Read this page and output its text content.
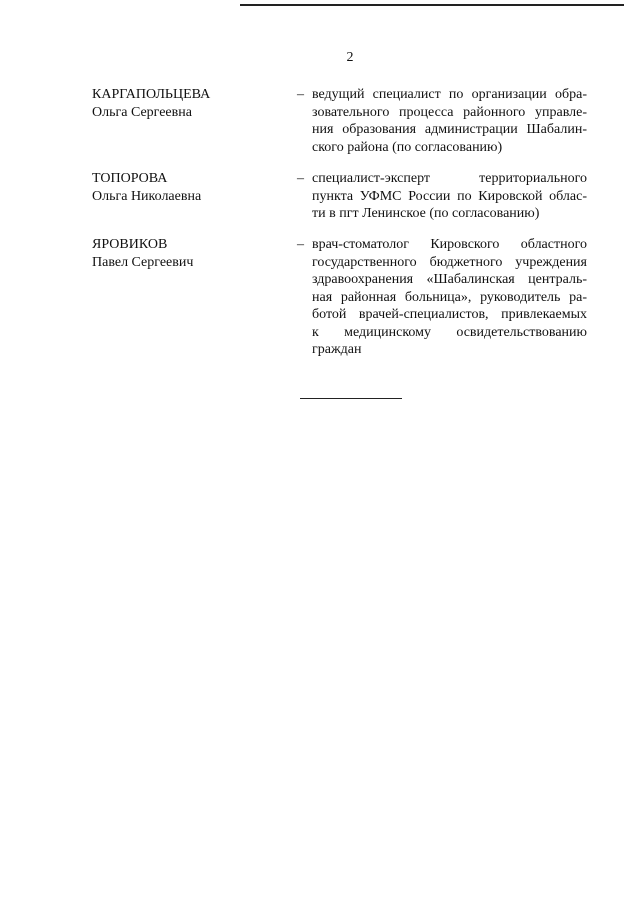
2
КАРГАПОЛЬЦЕВА
Ольга Сергеевна
– ведущий специалист по организации обра-
зовательного процесса районного управле-
ния образования администрации Шабалин-
ского района (по согласованию)
ТОПОРОВА
Ольга Николаевна
– специалист-эксперт территориального
пункта УФМС России по Кировской облас-
ти в пгт Ленинское (по согласованию)
ЯРОВИКОВ
Павел Сергеевич
– врач-стоматолог Кировского областного
государственного бюджетного учреждения
здравоохранения «Шабалинская централь-
ная районная больница», руководитель ра-
ботой врачей-специалистов, привлекаемых
к медицинскому освидетельствованию
граждан
